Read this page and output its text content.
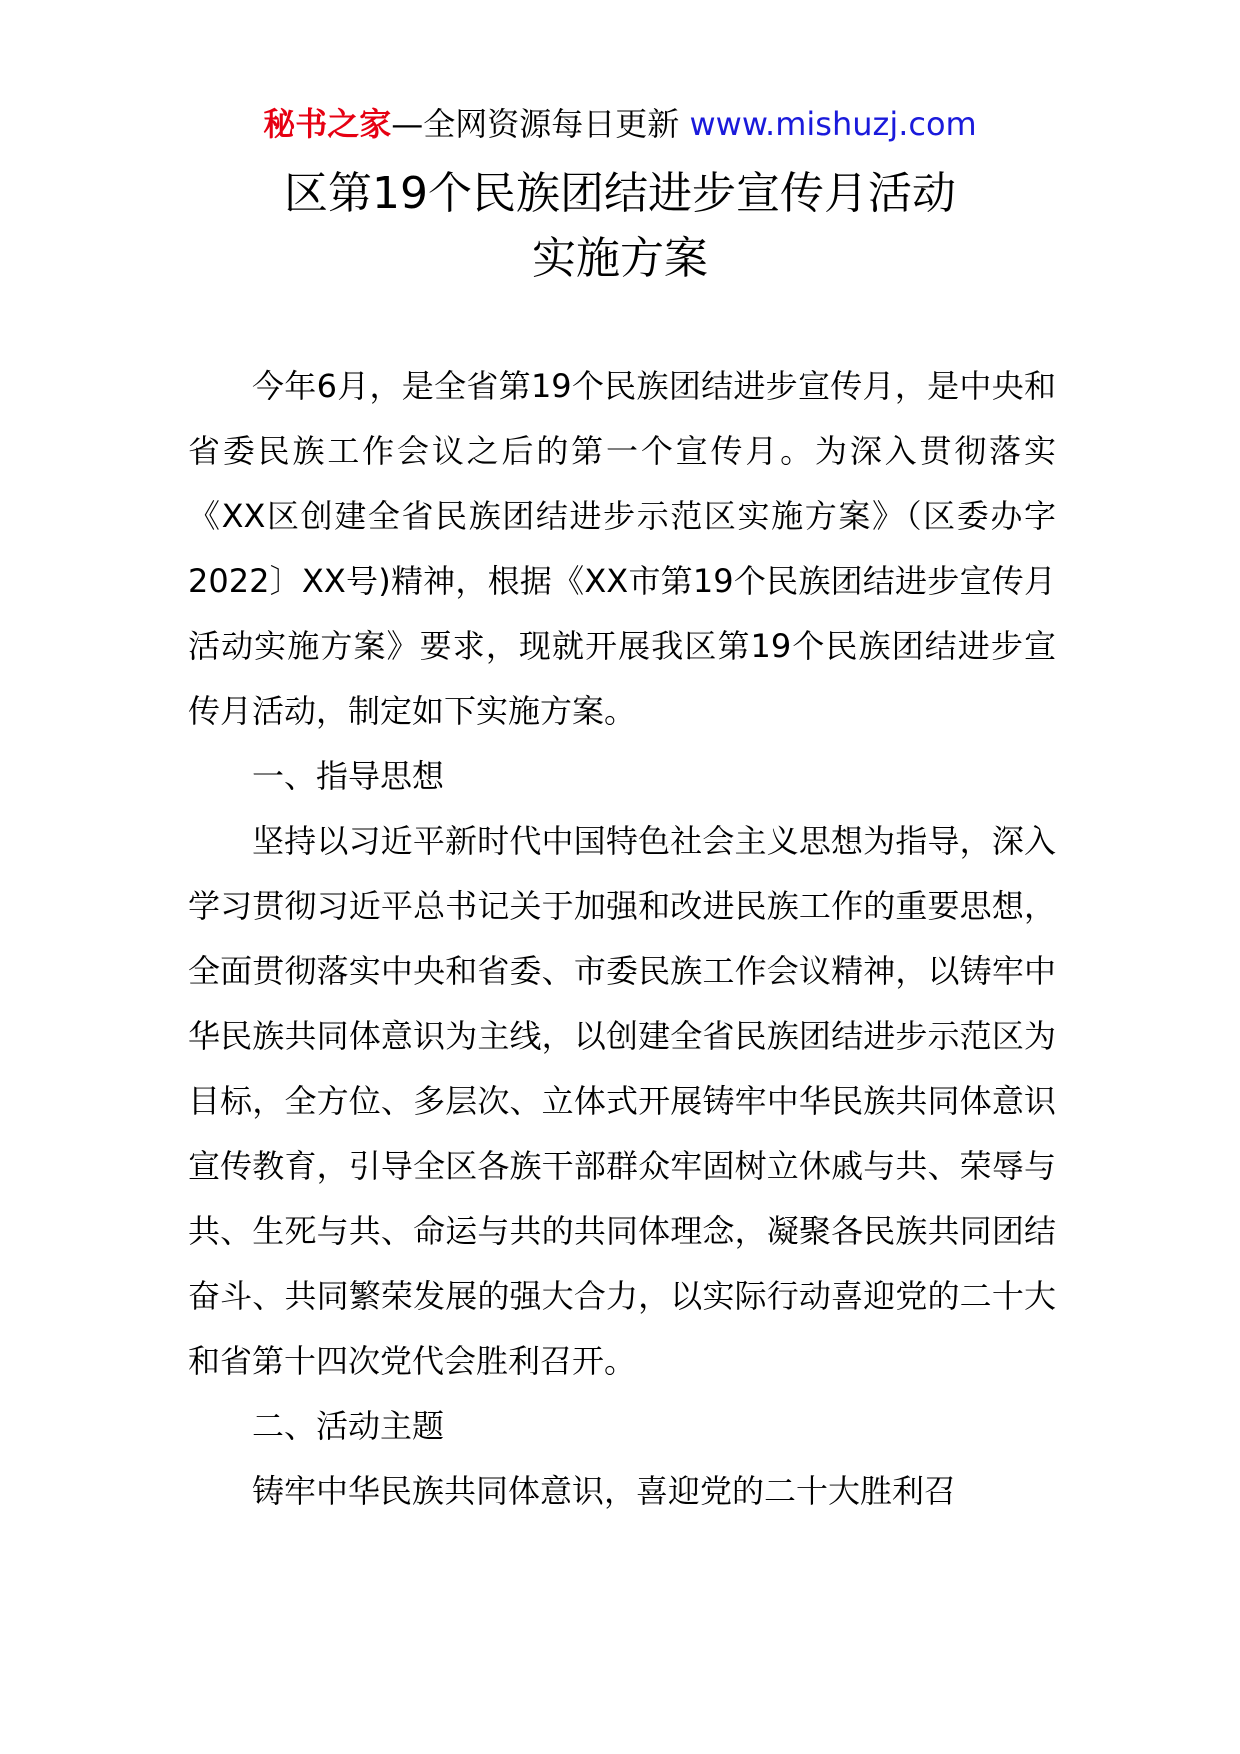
秘书之家—全网资源每日更新 www.mishuzj.com
区第19个民族团结进步宣传月活动
实施方案

今年6月，是全省第19个民族团结进步宣传月，是中央和省委民族工作会议之后的第一个宣传月。为深入贯彻落实《XX区创建全省民族团结进步示范区实施方案》（区委办字2022〕XX号)精神，根据《XX市第19个民族团结进步宣传月活动实施方案》要求，现就开展我区第19个民族团结进步宣传月活动，制定如下实施方案。

一、指导思想

坚持以习近平新时代中国特色社会主义思想为指导，深入学习贯彻习近平总书记关于加强和改进民族工作的重要思想，全面贯彻落实中央和省委、市委民族工作会议精神，以铸牢中华民族共同体意识为主线，以创建全省民族团结进步示范区为目标，全方位、多层次、立体式开展铸牢中华民族共同体意识宣传教育，引导全区各族干部群众牢固树立休戚与共、荣辱与共、生死与共、命运与共的共同体理念，凝聚各民族共同团结奋斗、共同繁荣发展的强大合力，以实际行动喜迎党的二十大和省第十四次党代会胜利召开。

二、活动主题

铸牢中华民族共同体意识，喜迎党的二十大胜利召
